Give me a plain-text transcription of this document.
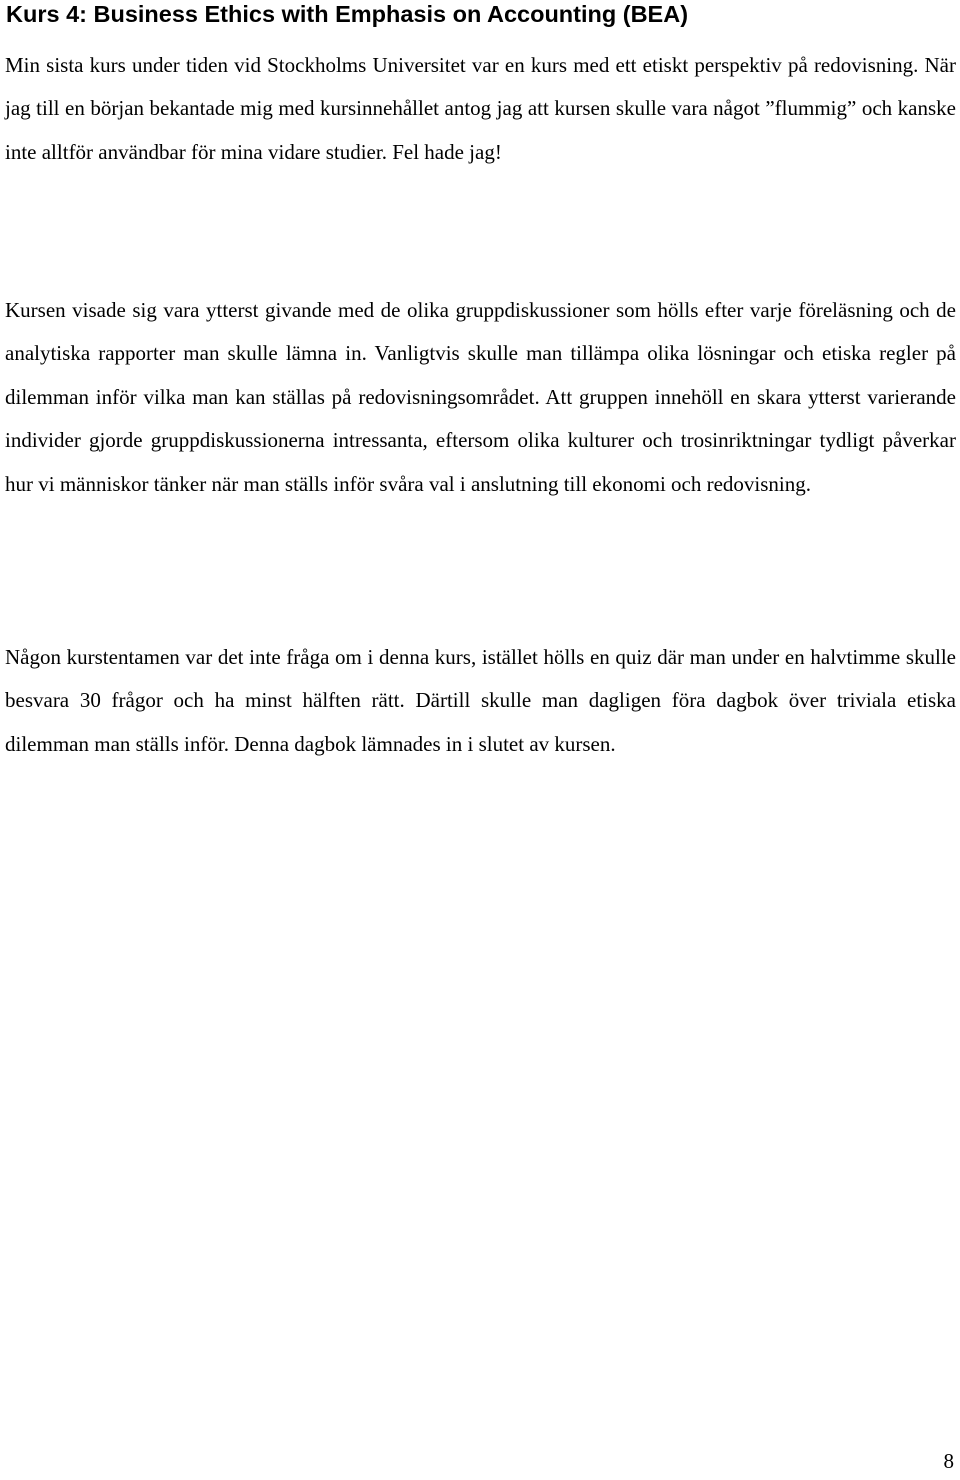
Kurs 4: Business Ethics with Emphasis on Accounting (BEA)

Min sista kurs under tiden vid Stockholms Universitet var en kurs med ett etiskt perspektiv på redovisning. När jag till en början bekantade mig med kursinnehållet antog jag att kursen skulle vara något ”flummig” och kanske inte alltför användbar för mina vidare studier. Fel hade jag!

Kursen visade sig vara ytterst givande med de olika gruppdiskussioner som hölls efter varje föreläsning och de analytiska rapporter man skulle lämna in. Vanligtvis skulle man tillämpa olika lösningar och etiska regler på dilemman inför vilka man kan ställas på redovisningsområdet. Att gruppen innehöll en skara ytterst varierande individer gjorde gruppdiskussionerna intressanta, eftersom olika kulturer och trosinriktningar tydligt påverkar hur vi människor tänker när man ställs inför svåra val i anslutning till ekonomi och redovisning.

Någon kurstentamen var det inte fråga om i denna kurs, istället hölls en quiz där man under en halvtimme skulle besvara 30 frågor och ha minst hälften rätt. Därtill skulle man dagligen föra dagbok över triviala etiska dilemman man ställs inför. Denna dagbok lämnades in i slutet av kursen.

8
